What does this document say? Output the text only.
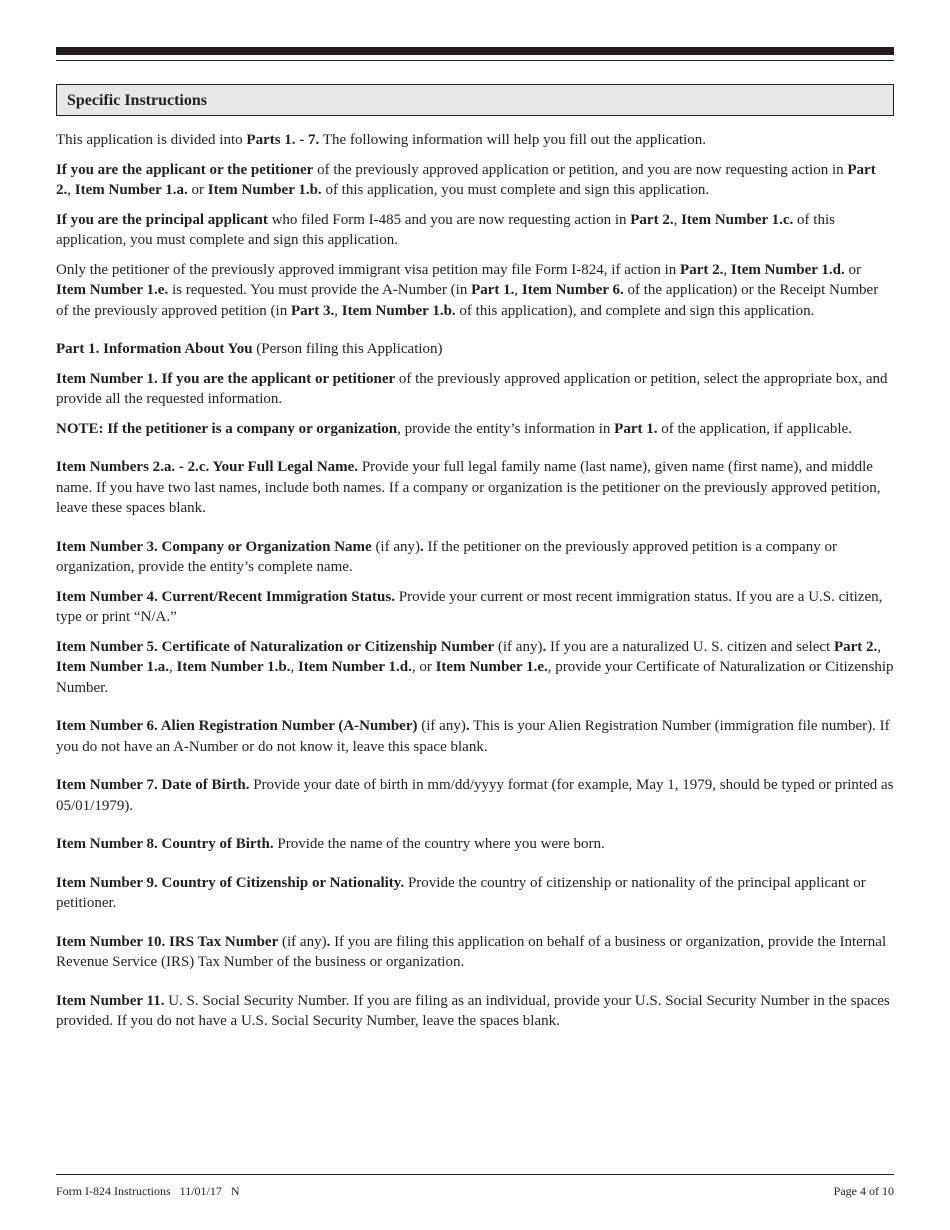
Specific Instructions

This application is divided into Parts 1. - 7. The following information will help you fill out the application.

If you are the applicant or the petitioner of the previously approved application or petition, and you are now requesting action in Part 2., Item Number 1.a. or Item Number 1.b. of this application, you must complete and sign this application.

If you are the principal applicant who filed Form I-485 and you are now requesting action in Part 2., Item Number 1.c. of this application, you must complete and sign this application.

Only the petitioner of the previously approved immigrant visa petition may file Form I-824, if action in Part 2., Item Number 1.d. or Item Number 1.e. is requested. You must provide the A-Number (in Part 1., Item Number 6. of the application) or the Receipt Number of the previously approved petition (in Part 3., Item Number 1.b. of this application), and complete and sign this application.

Part 1. Information About You (Person filing this Application)

Item Number 1. If you are the applicant or petitioner of the previously approved application or petition, select the appropriate box, and provide all the requested information.

NOTE: If the petitioner is a company or organization, provide the entity’s information in Part 1. of the application, if applicable.

Item Numbers 2.a. - 2.c. Your Full Legal Name. Provide your full legal family name (last name), given name (first name), and middle name. If you have two last names, include both names. If a company or organization is the petitioner on the previously approved petition, leave these spaces blank.

Item Number 3. Company or Organization Name (if any). If the petitioner on the previously approved petition is a company or organization, provide the entity’s complete name.

Item Number 4. Current/Recent Immigration Status. Provide your current or most recent immigration status. If you are a U.S. citizen, type or print “N/A.”

Item Number 5. Certificate of Naturalization or Citizenship Number (if any). If you are a naturalized U. S. citizen and select Part 2., Item Number 1.a., Item Number 1.b., Item Number 1.d., or Item Number 1.e., provide your Certificate of Naturalization or Citizenship Number.

Item Number 6. Alien Registration Number (A-Number) (if any). This is your Alien Registration Number (immigration file number). If you do not have an A-Number or do not know it, leave this space blank.

Item Number 7. Date of Birth. Provide your date of birth in mm/dd/yyyy format (for example, May 1, 1979, should be typed or printed as 05/01/1979).

Item Number 8. Country of Birth. Provide the name of the country where you were born.

Item Number 9. Country of Citizenship or Nationality. Provide the country of citizenship or nationality of the principal applicant or petitioner.

Item Number 10. IRS Tax Number (if any). If you are filing this application on behalf of a business or organization, provide the Internal Revenue Service (IRS) Tax Number of the business or organization.

Item Number 11. U. S. Social Security Number. If you are filing as an individual, provide your U.S. Social Security Number in the spaces provided. If you do not have a U.S. Social Security Number, leave the spaces blank.

Form I-824 Instructions   11/01/17   N	Page 4 of 10
